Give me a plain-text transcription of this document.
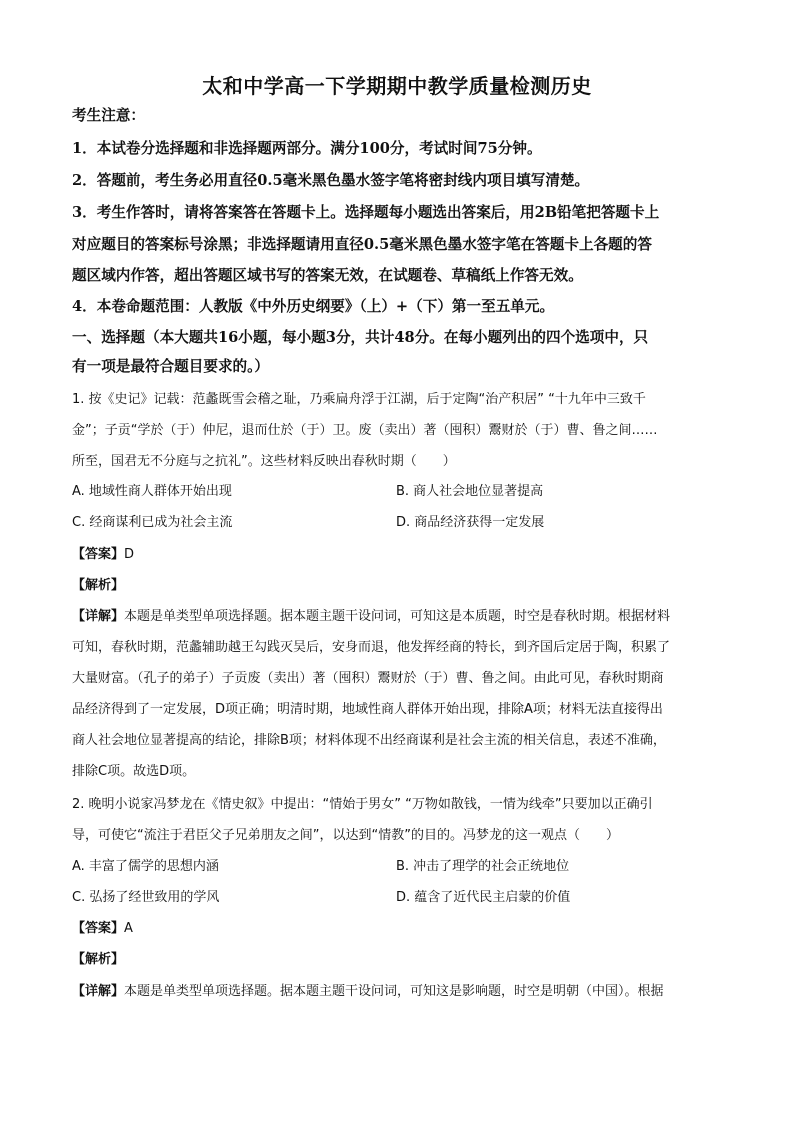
太和中学高一下学期期中教学质量检测历史
考生注意：
1．本试卷分选择题和非选择题两部分。满分100分，考试时间75分钟。
2．答题前，考生务必用直径0.5毫米黑色墨水签字笔将密封线内项目填写清楚。
3．考生作答时，请将答案答在答题卡上。选择题每小题选出答案后，用2B铅笔把答题卡上
对应题目的答案标号涂黑；非选择题请用直径0.5毫米黑色墨水签字笔在答题卡上各题的答
题区域内作答，超出答题区域书写的答案无效，在试题卷、草稿纸上作答无效。
4．本卷命题范围：人教版《中外历史纲要》（上）+（下）第一至五单元。
一、选择题（本大题共16小题，每小题3分，共计48分。在每小题列出的四个选项中，只
有一项是最符合题目要求的。）
1. 按《史记》记载：范蠡既雪会稽之耻，乃乘扁舟浮于江湖，后于定陶“治产积居” “十九年中三致千
金”；子贡“学於（于）仲尼，退而仕於（于）卫。废（卖出）著（囤积）鬻财於（于）曹、鲁之间……
所至，国君无不分庭与之抗礼”。这些材料反映出春秋时期（　　）
A. 地域性商人群体开始出现	B. 商人社会地位显著提高
C. 经商谋利已成为社会主流	D. 商品经济获得一定发展
【答案】D
【解析】
【详解】本题是单类型单项选择题。据本题主题干设问词，可知这是本质题，时空是春秋时期。根据材料
可知，春秋时期，范蠡辅助越王勾践灭吴后，安身而退，他发挥经商的特长，到齐国后定居于陶，积累了
大量财富。（孔子的弟子）子贡废（卖出）著（囤积）鬻财於（于）曹、鲁之间。由此可见，春秋时期商
品经济得到了一定发展，D项正确；明清时期，地域性商人群体开始出现，排除A项；材料无法直接得出
商人社会地位显著提高的结论，排除B项；材料体现不出经商谋利是社会主流的相关信息，表述不准确，
排除C项。故选D项。
2. 晚明小说家冯梦龙在《情史叙》中提出：“情始于男女” “万物如散钱，一情为线牵”只要加以正确引
导，可使它“流注于君臣父子兄弟朋友之间”，以达到“情教”的目的。冯梦龙的这一观点（　　）
A. 丰富了儒学的思想内涵	B. 冲击了理学的社会正统地位
C. 弘扬了经世致用的学风	D. 蕴含了近代民主启蒙的价值
【答案】A
【解析】
【详解】本题是单类型单项选择题。据本题主题干设问词，可知这是影响题，时空是明朝（中国）。根据
